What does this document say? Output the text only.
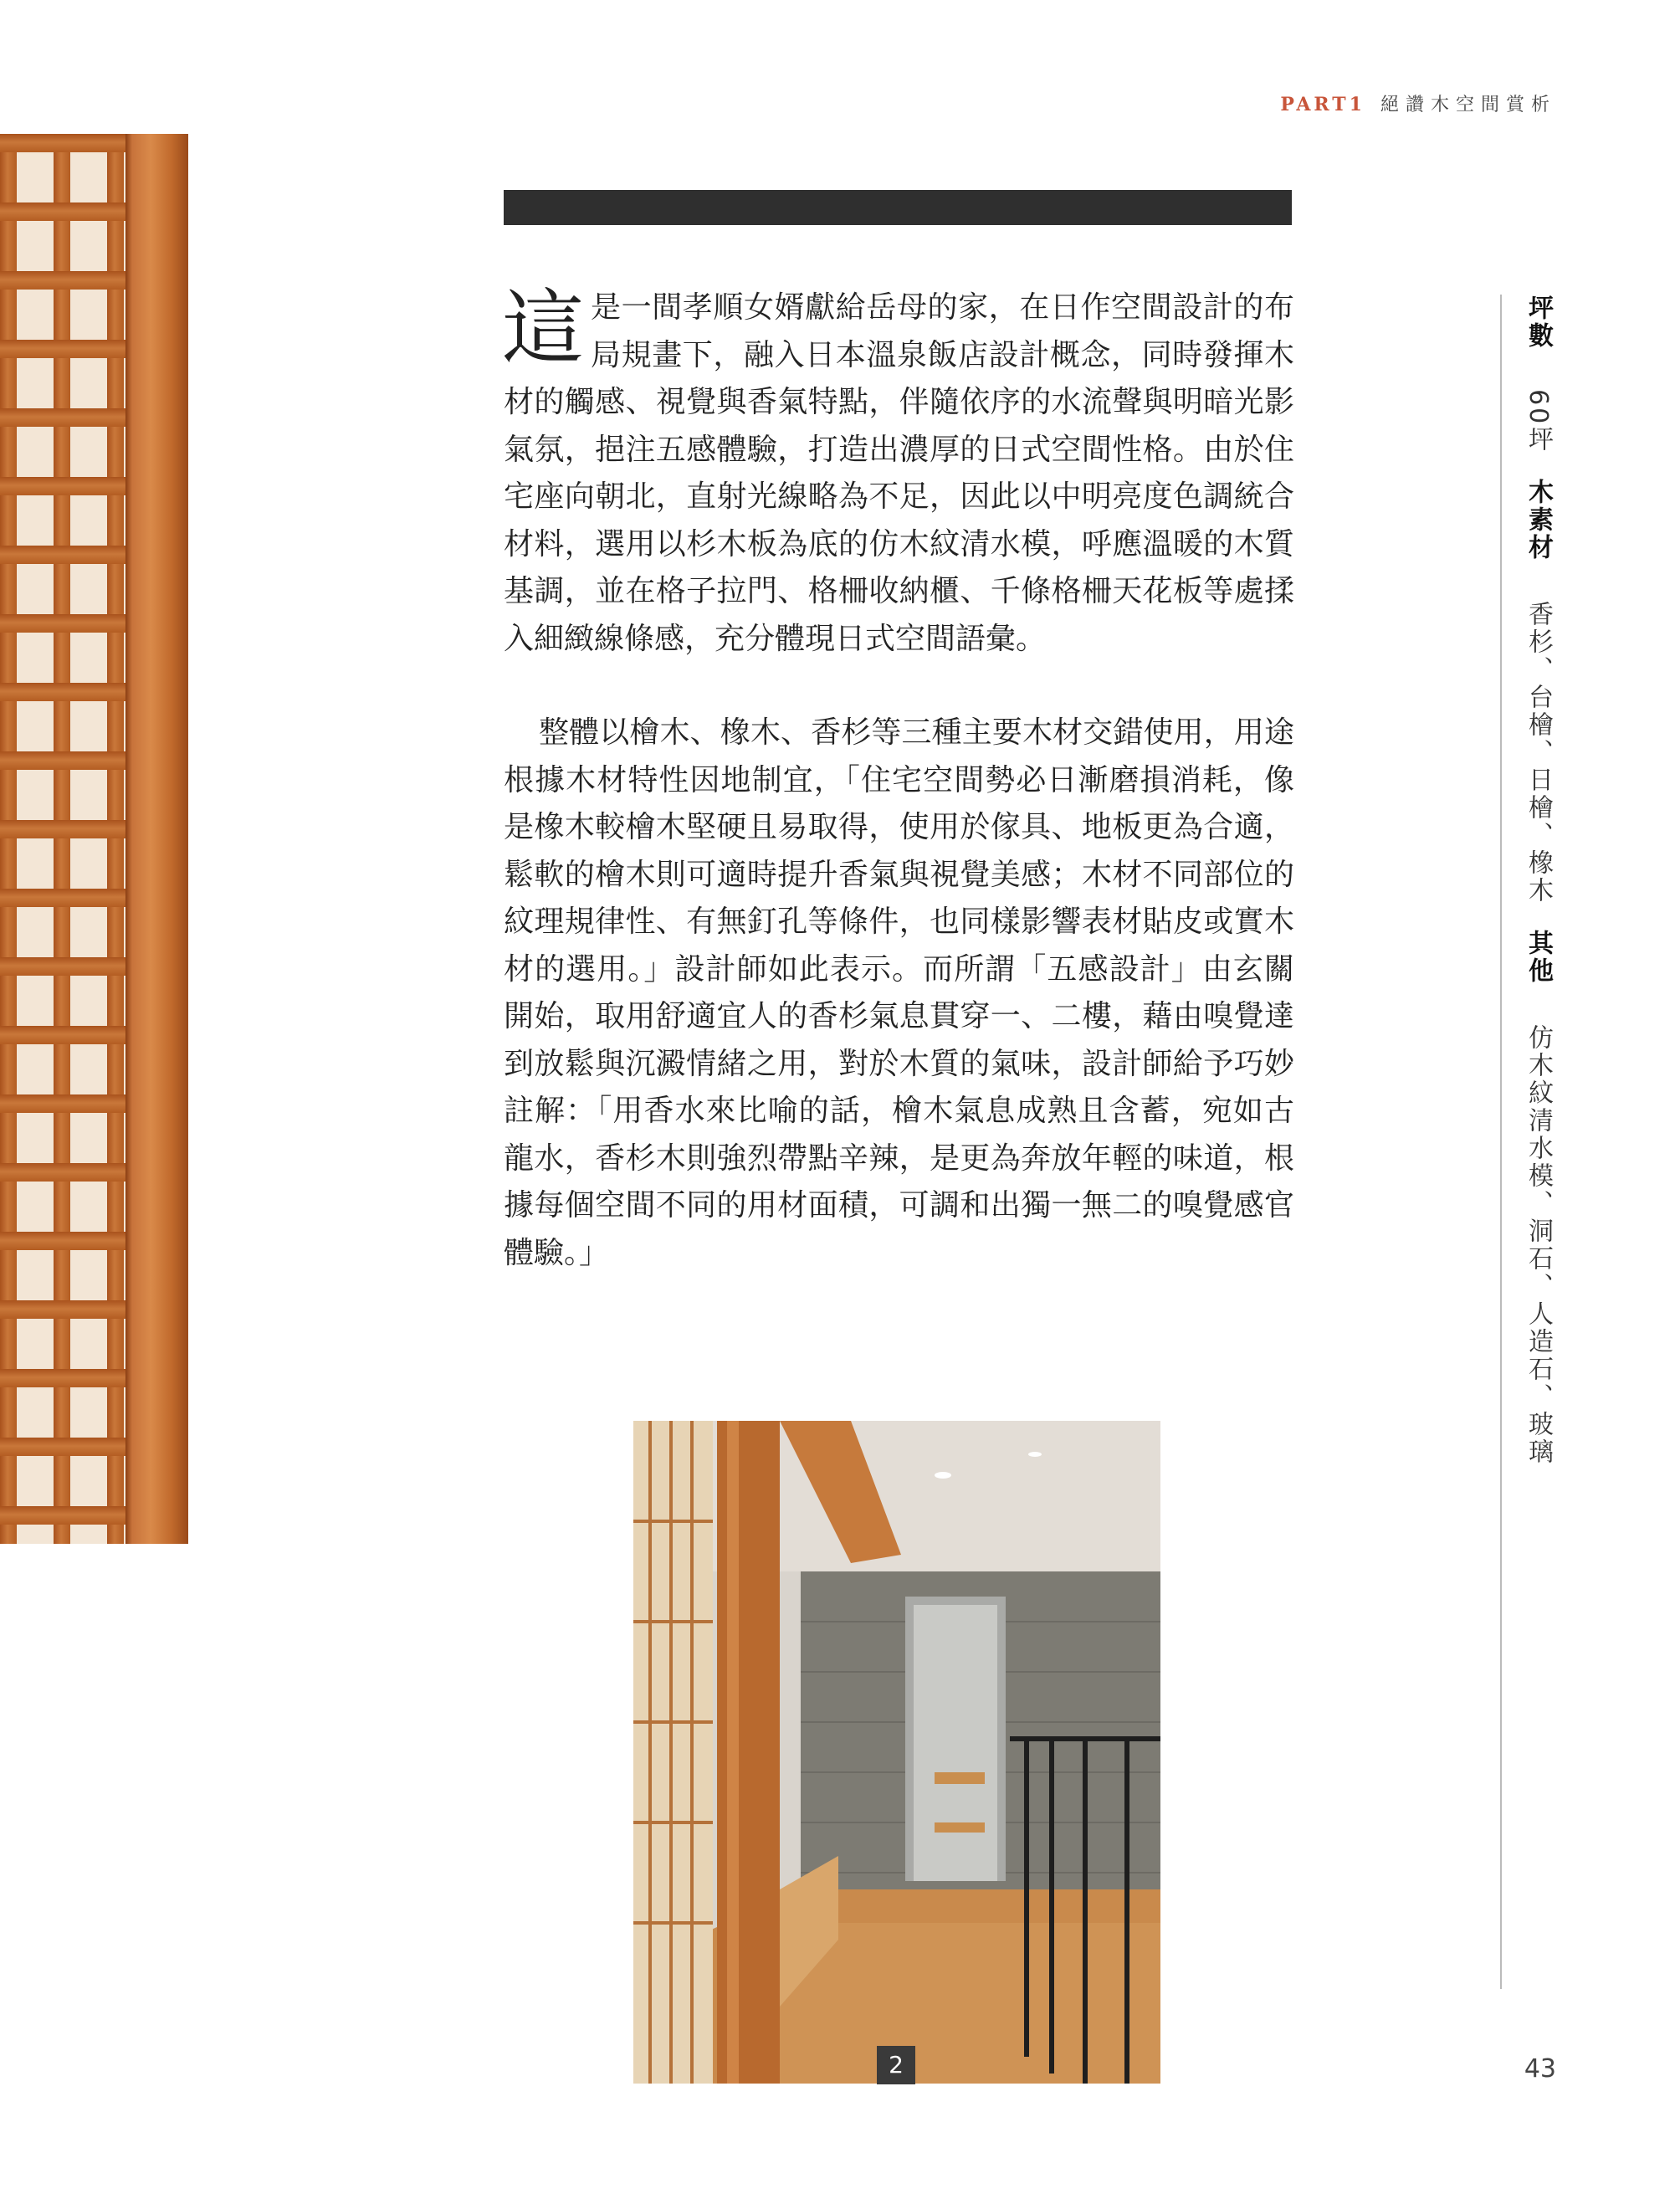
PART1 絕讚木空間賞析

這是一間孝順女婿獻給岳母的家，在日作空間設計的布局規畫下，融入日本溫泉飯店設計概念，同時發揮木材的觸感、視覺與香氣特點，伴隨依序的水流聲與明暗光影氣氛，挹注五感體驗，打造出濃厚的日式空間性格。由於住宅座向朝北，直射光線略為不足，因此以中明亮度色調統合材料，選用以杉木板為底的仿木紋清水模，呼應溫暖的木質基調，並在格子拉門、格柵收納櫃、千條格柵天花板等處揉入細緻線條感，充分體現日式空間語彙。

整體以檜木、橡木、香杉等三種主要木材交錯使用，用途根據木材特性因地制宜，「住宅空間勢必日漸磨損消耗，像是橡木較檜木堅硬且易取得，使用於傢具、地板更為合適，鬆軟的檜木則可適時提升香氣與視覺美感；木材不同部位的紋理規律性、有無釘孔等條件，也同樣影響表材貼皮或實木材的選用。」設計師如此表示。而所謂「五感設計」由玄關開始，取用舒適宜人的香杉氣息貫穿一、二樓，藉由嗅覺達到放鬆與沉澱情緒之用，對於木質的氣味，設計師給予巧妙註解：「用香水來比喻的話，檜木氣息成熟且含蓄，宛如古龍水，香杉木則強烈帶點辛辣，是更為奔放年輕的味道，根據每個空間不同的用材面積，可調和出獨一無二的嗅覺感官體驗。」

坪數  60坪
木素材  香杉、台檜、日檜、橡木
其他  仿木紋清水模、洞石、人造石、玻璃
2	43
